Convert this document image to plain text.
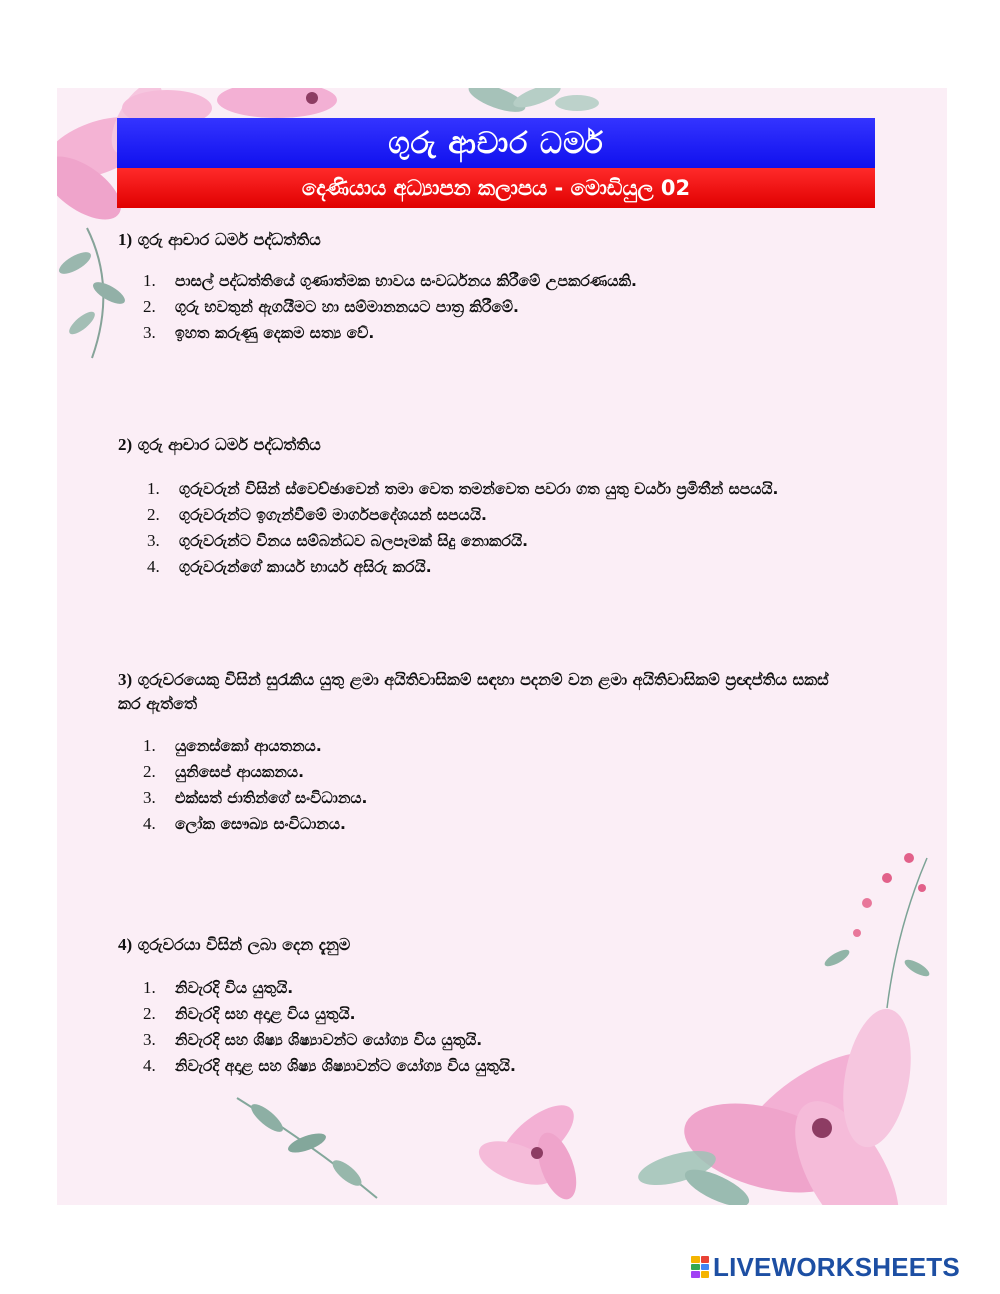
ගුරු ආචාර ධර්ම
දෙණියාය අධ්‍යාපන කලාපය - මොඩියුල 02
1) ගුරු ආචාර ධර්ම පද්ධත්තිය
1. පාසල් පද්ධත්තියේ ගුණාත්මක භාවය සංවර්ධනය කිරීමේ උපකරණයකි.
2. ගුරු භවතුන් ඇගයීමට හා සම්මානනයට පාත්‍ර කිරීමේ.
3. ඉහත කරුණු දෙකම සත්‍ය වේ.
2) ගුරු ආචාර ධර්ම පද්ධත්තිය
1. ගුරුවරුන් විසින් ස්වෙච්ඡාවෙන් තමා වෙත තමන්වෙත පවරා ගත යුතු චර්යා ප්‍රමිතීන් සපයයි.
2. ගුරුවරුන්ට ඉගැන්වීමේ මාර්ගපදේශයන් සපයයි.
3. ගුරුවරුන්ට විනය සම්බන්ධව බලපෑමක් සිදු නොකරයි.
4. ගුරුවරුන්ගේ කාර්ය භාර්ය අසිරු කරයි.
3) ගුරුවරයෙකු විසින් සුරැකිය යුතු ළමා අයිතිවාසිකම් සඳහා පදනම් වන ළමා අයිතිවාසිකම් ප්‍රඥප්තිය සකස් කර ඇත්තේ
1. යුනෙස්කෝ ආයතනය.
2. යුනිසෙප් ආයකනය.
3. එක්සත් ජාතින්ගේ සංවිධානය.
4. ලෝක සෞඛ්‍ය සංවිධානය.
4) ගුරුවරයා විසින් ලබා දෙන දැනුම
1. නිවැරදි විය යුතුයි.
2. නිවැරදි සහ අදාළ විය යුතුයි.
3. නිවැරදි සහ ශිෂ්‍ය ශිෂ්‍යාවන්ට යෝග්‍ය විය යුතුයි.
4. නිවැරදි අදාළ සහ ශිෂ්‍ය ශිෂ්‍යාවන්ට යෝග්‍ය විය යුතුයි.
LIVEWORKSHEETS
